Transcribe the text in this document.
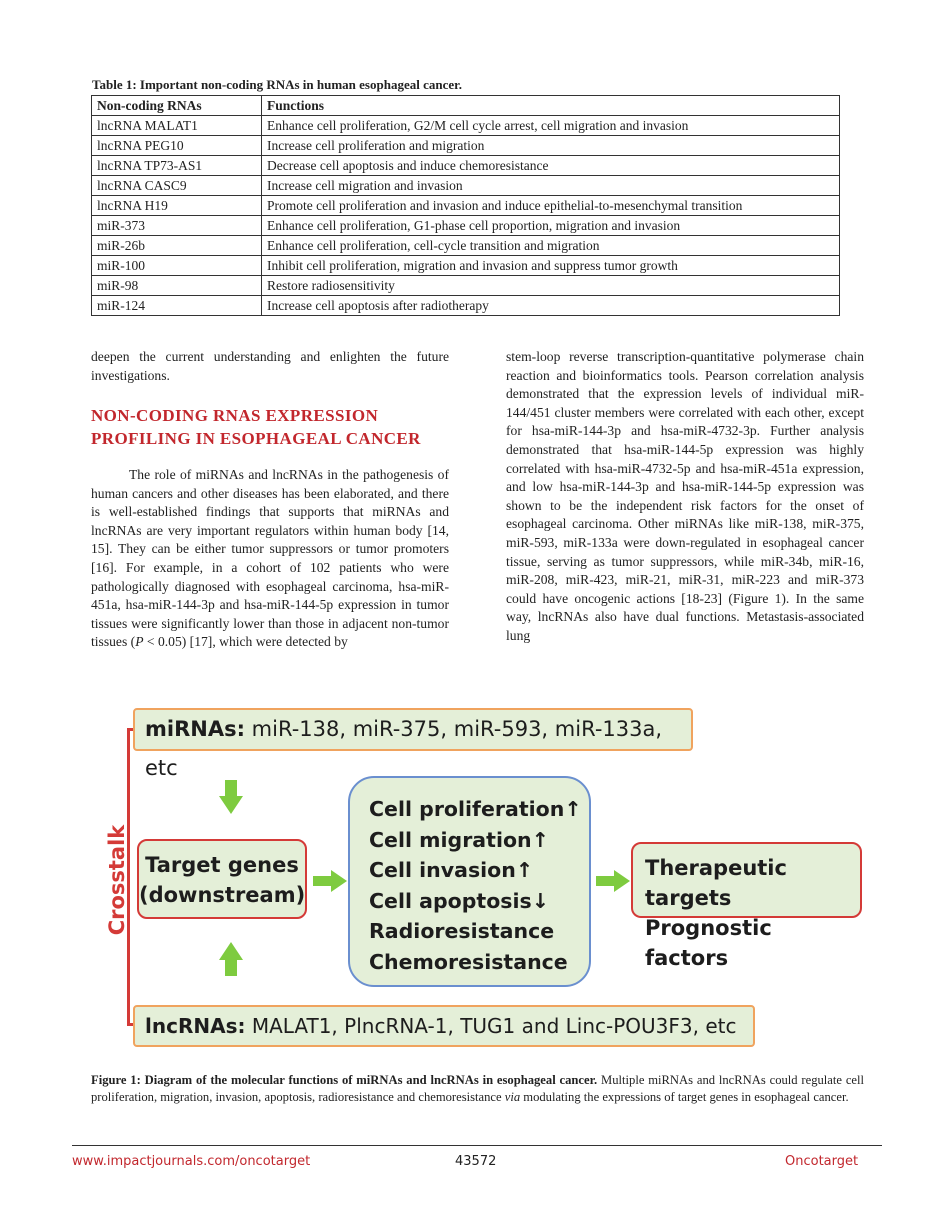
Table 1: Important non-coding RNAs in human esophageal cancer.
Non-coding RNAs	Functions
lncRNA MALAT1	Enhance cell proliferation, G2/M cell cycle arrest, cell migration and invasion
lncRNA PEG10	Increase cell proliferation and migration
lncRNA TP73-AS1	Decrease cell apoptosis and induce chemoresistance
lncRNA CASC9	Increase cell migration and invasion
lncRNA H19	Promote cell proliferation and invasion and induce epithelial-to-mesenchymal transition
miR-373	Enhance cell proliferation, G1-phase cell proportion, migration and invasion
miR-26b	Enhance cell proliferation, cell-cycle transition and migration
miR-100	Inhibit cell proliferation, migration and invasion and suppress tumor growth
miR-98	Restore radiosensitivity
miR-124	Increase cell apoptosis after radiotherapy
deepen the current understanding and enlighten the future investigations.
NON-CODING RNAS EXPRESSION PROFILING IN ESOPHAGEAL CANCER
The role of miRNAs and lncRNAs in the pathogenesis of human cancers and other diseases has been elaborated, and there is well-established findings that supports that miRNAs and lncRNAs are very important regulators within human body [14, 15]. They can be either tumor suppressors or tumor promoters [16]. For example, in a cohort of 102 patients who were pathologically diagnosed with esophageal carcinoma, hsa-miR-451a, hsa-miR-144-3p and hsa-miR-144-5p expression in tumor tissues were significantly lower than those in adjacent non-tumor tissues (P < 0.05) [17], which were detected by
stem-loop reverse transcription-quantitative polymerase chain reaction and bioinformatics tools. Pearson correlation analysis demonstrated that the expression levels of individual miR-144/451 cluster members were correlated with each other, except for hsa-miR-144-3p and hsa-miR-4732-3p. Further analysis demonstrated that hsa-miR-144-5p expression was highly correlated with hsa-miR-4732-5p and hsa-miR-451a expression, and low hsa-miR-144-3p and hsa-miR-144-5p expression was shown to be the independent risk factors for the onset of esophageal carcinoma. Other miRNAs like miR-138, miR-375, miR-593, miR-133a were down-regulated in esophageal cancer tissue, serving as tumor suppressors, while miR-34b, miR-16, miR-208, miR-423, miR-21, miR-31, miR-223 and miR-373 could have oncogenic actions [18-23] (Figure 1). In the same way, lncRNAs also have dual functions. Metastasis-associated lung
Crosstalk
miRNAs: miR-138, miR-375, miR-593, miR-133a, etc
Target genes
(downstream)
Cell proliferation↑
Cell migration↑
Cell invasion↑
Cell apoptosis↓
Radioresistance
Chemoresistance
Therapeutic targets
Prognostic factors
lncRNAs: MALAT1, PlncRNA-1, TUG1 and Linc-POU3F3, etc
Figure 1: Diagram of the molecular functions of miRNAs and lncRNAs in esophageal cancer. Multiple miRNAs and lncRNAs could regulate cell proliferation, migration, invasion, apoptosis, radioresistance and chemoresistance via modulating the expressions of target genes in esophageal cancer.
www.impactjournals.com/oncotarget	43572	Oncotarget
